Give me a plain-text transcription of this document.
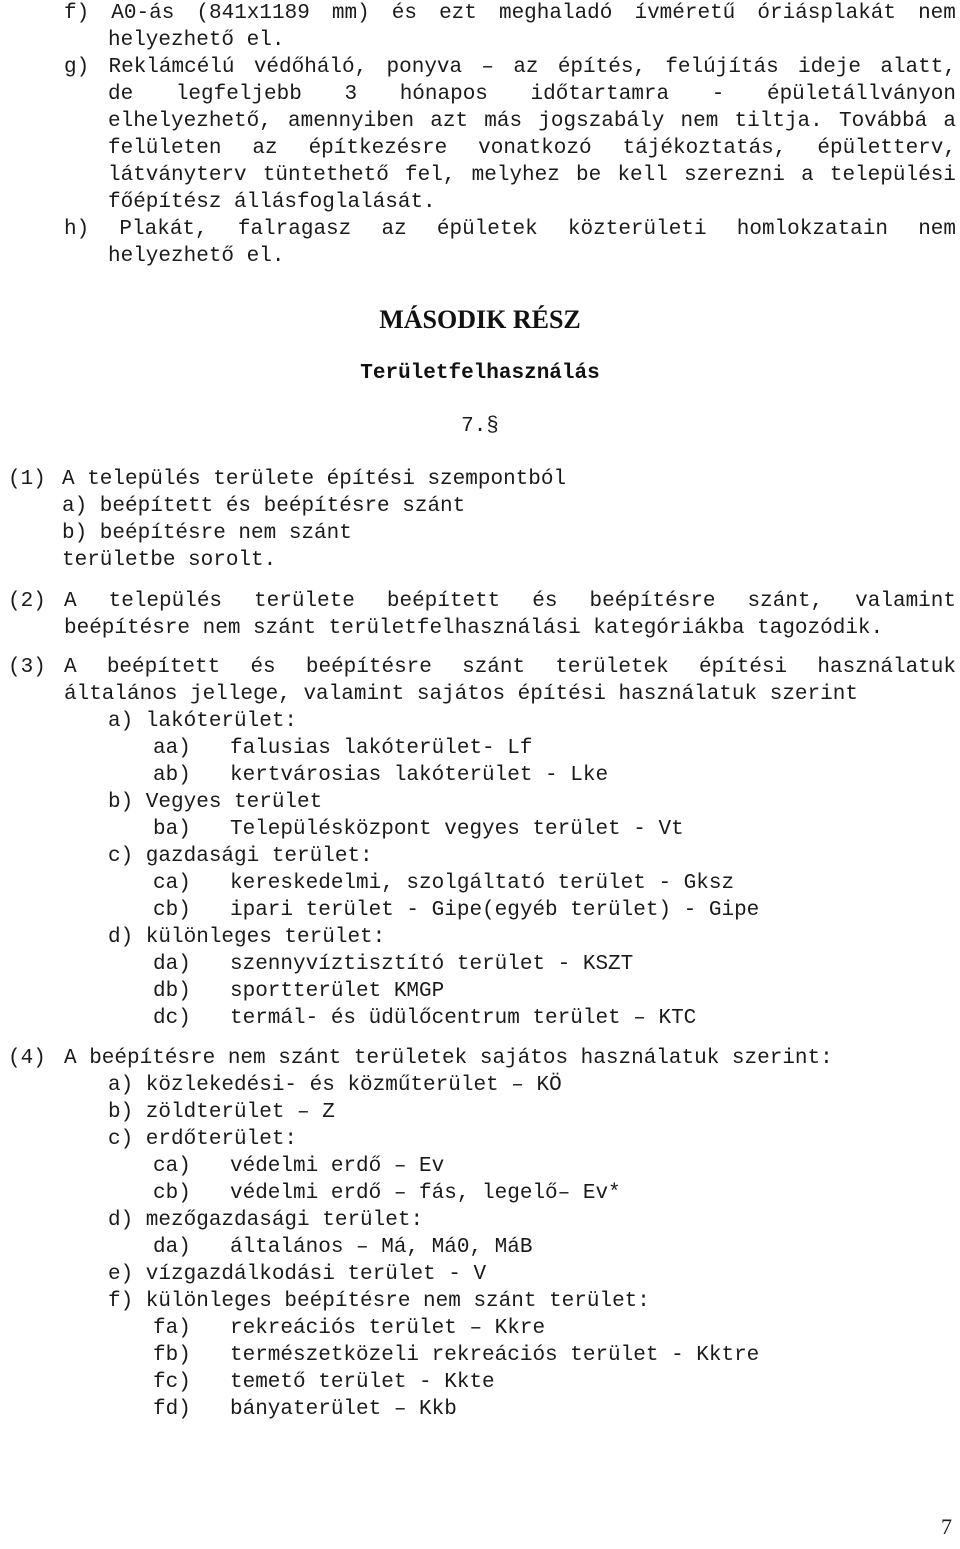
f) A0-ás (841x1189 mm) és ezt meghaladó ívméretű óriásplakát nem
helyezhető el.
g) Reklámcélú védőháló, ponyva – az építés, felújítás ideje alatt,
de legfeljebb 3 hónapos időtartamra - épületállványon
elhelyezhető, amennyiben azt más jogszabály nem tiltja. Továbbá a
felületen az építkezésre vonatkozó tájékoztatás, épületterv,
látványterv tüntethető fel, melyhez be kell szerezni a települési
főépítész állásfoglalását.
h) Plakát, falragasz az épületek közterületi homlokzatain nem
helyezhető el.
MÁSODIK RÉSZ
Területfelhasználás
7.§
(1) A település területe építési szempontból
a) beépített és beépítésre szánt
b) beépítésre nem szánt
területbe sorolt.
(2) A település területe beépített és beépítésre szánt, valamint
beépítésre nem szánt területfelhasználási kategóriákba tagozódik.
(3) A beépített és beépítésre szánt területek építési használatuk
általános jellege, valamint sajátos építési használatuk szerint
a) lakóterület:
aa) falusias lakóterület- Lf
ab) kertvárosias lakóterület - Lke
b) Vegyes terület
ba) Településközpont vegyes terület - Vt
c) gazdasági terület:
ca) kereskedelmi, szolgáltató terület - Gksz
cb) ipari terület - Gipe(egyéb terület) - Gipe
d) különleges terület:
da) szennyvíztisztító terület - KSZT
db) sportterület KMGP
dc) termál- és üdülőcentrum terület – KTC
(4) A beépítésre nem szánt területek sajátos használatuk szerint:
a) közlekedési- és közműterület – KÖ
b) zöldterület – Z
c) erdőterület:
ca) védelmi erdő – Ev
cb) védelmi erdő – fás, legelő– Ev*
d) mezőgazdasági terület:
da) általános – Má, Má0, MáB
e) vízgazdálkodási terület - V
f) különleges beépítésre nem szánt terület:
fa) rekreációs terület – Kkre
fb) természetközeli rekreációs terület - Kktre
fc) temető terület - Kkte
fd) bányaterület – Kkb
7
